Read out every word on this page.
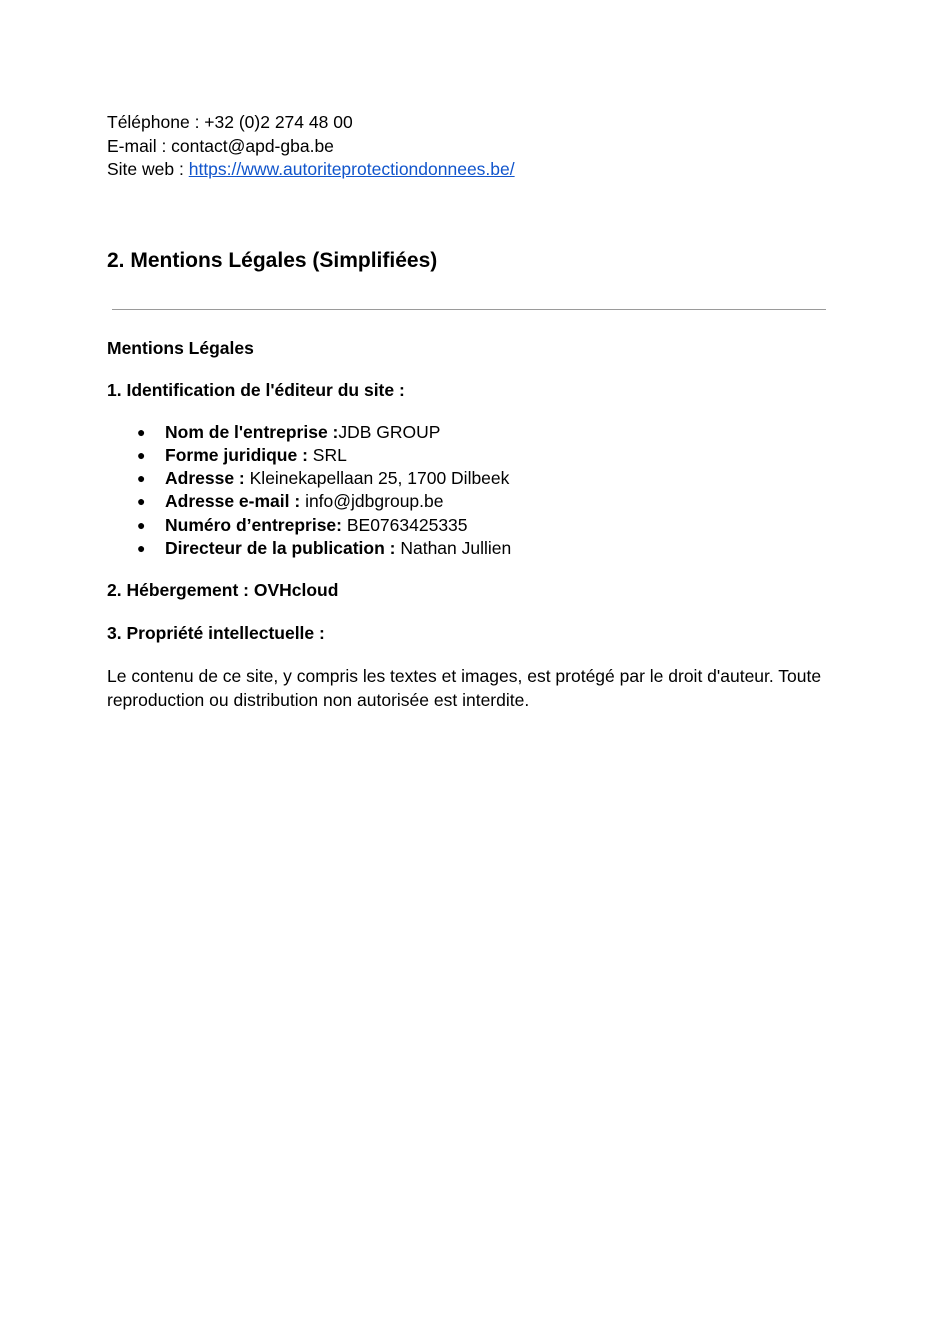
Téléphone : +32 (0)2 274 48 00
E-mail : contact@apd-gba.be
Site web : https://www.autoriteprotectiondonnees.be/
2. Mentions Légales (Simplifiées)
Mentions Légales
1. Identification de l'éditeur du site :
● Nom de l'entreprise :JDB GROUP
● Forme juridique : SRL
● Adresse : Kleinekapellaan 25, 1700 Dilbeek
● Adresse e-mail : info@jdbgroup.be
● Numéro d’entreprise: BE0763425335
● Directeur de la publication : Nathan Jullien
2. Hébergement : OVHcloud
3. Propriété intellectuelle :
Le contenu de ce site, y compris les textes et images, est protégé par le droit d'auteur. Toute
reproduction ou distribution non autorisée est interdite.
